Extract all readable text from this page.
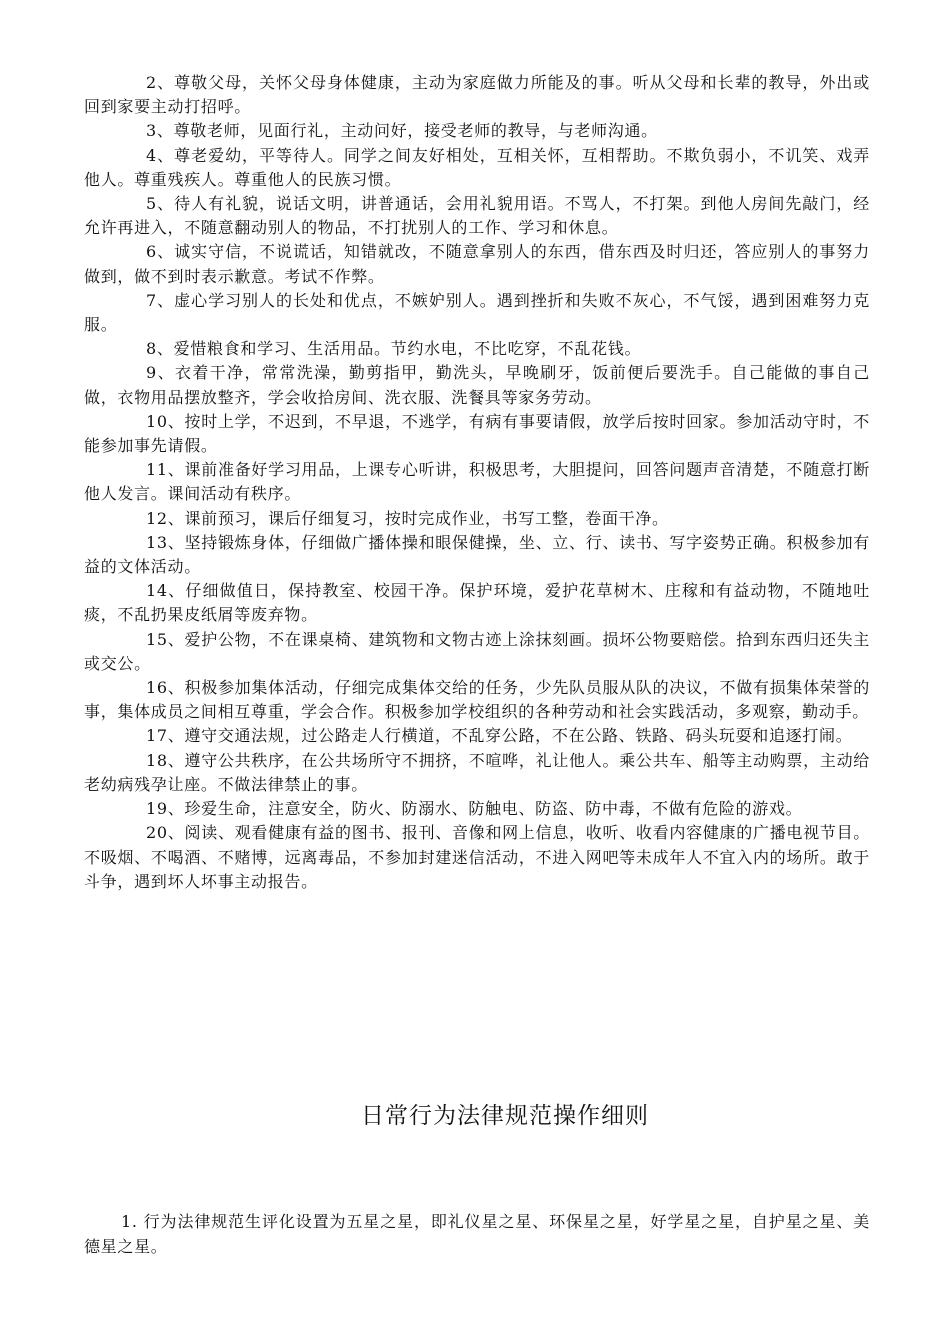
2、尊敬父母，关怀父母身体健康，主动为家庭做力所能及的事。听从父母和长辈的教导，外出或回到家要主动打招呼。

3、尊敬老师，见面行礼，主动问好，接受老师的教导，与老师沟通。

4、尊老爱幼，平等待人。同学之间友好相处，互相关怀，互相帮助。不欺负弱小，不讥笑、戏弄他人。尊重残疾人。尊重他人的民族习惯。

5、待人有礼貌，说话文明，讲普通话，会用礼貌用语。不骂人，不打架。到他人房间先敲门，经允许再进入，不随意翻动别人的物品，不打扰别人的工作、学习和休息。

6、诚实守信，不说谎话，知错就改，不随意拿别人的东西，借东西及时归还，答应别人的事努力做到，做不到时表示歉意。考试不作弊。

7、虚心学习别人的长处和优点，不嫉妒别人。遇到挫折和失败不灰心，不气馁，遇到困难努力克服。

8、爱惜粮食和学习、生活用品。节约水电，不比吃穿，不乱花钱。

9、衣着干净，常常洗澡，勤剪指甲，勤洗头，早晚刷牙，饭前便后要洗手。自己能做的事自己做，衣物用品摆放整齐，学会收拾房间、洗衣服、洗餐具等家务劳动。

10、按时上学，不迟到，不早退，不逃学，有病有事要请假，放学后按时回家。参加活动守时，不能参加事先请假。

11、课前准备好学习用品，上课专心听讲，积极思考，大胆提问，回答问题声音清楚，不随意打断他人发言。课间活动有秩序。

12、课前预习，课后仔细复习，按时完成作业，书写工整，卷面干净。

13、坚持锻炼身体，仔细做广播体操和眼保健操，坐、立、行、读书、写字姿势正确。积极参加有益的文体活动。

14、仔细做值日，保持教室、校园干净。保护环境，爱护花草树木、庄稼和有益动物，不随地吐痰，不乱扔果皮纸屑等废弃物。

15、爱护公物，不在课桌椅、建筑物和文物古迹上涂抹刻画。损坏公物要赔偿。拾到东西归还失主或交公。

16、积极参加集体活动，仔细完成集体交给的任务，少先队员服从队的决议，不做有损集体荣誉的事，集体成员之间相互尊重，学会合作。积极参加学校组织的各种劳动和社会实践活动，多观察，勤动手。

17、遵守交通法规，过公路走人行横道，不乱穿公路，不在公路、铁路、码头玩耍和追逐打闹。

18、遵守公共秩序，在公共场所守不拥挤，不喧哗，礼让他人。乘公共车、船等主动购票，主动给老幼病残孕让座。不做法律禁止的事。

19、珍爱生命，注意安全，防火、防溺水、防触电、防盗、防中毒，不做有危险的游戏。

20、阅读、观看健康有益的图书、报刊、音像和网上信息，收听、收看内容健康的广播电视节目。不吸烟、不喝酒、不赌博，远离毒品，不参加封建迷信活动，不进入网吧等未成年人不宜入内的场所。敢于斗争，遇到坏人坏事主动报告。

日常行为法律规范操作细则

1. 行为法律规范生评化设置为五星之星，即礼仪星之星、环保星之星，好学星之星，自护星之星、美德星之星。
